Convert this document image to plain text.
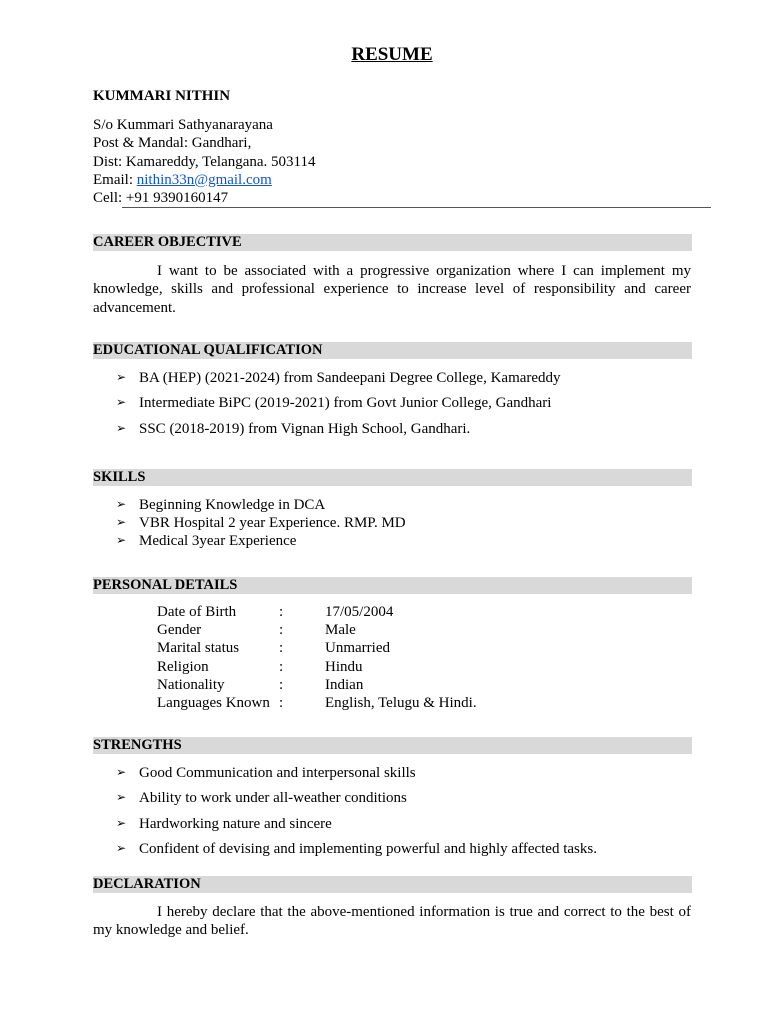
RESUME
KUMMARI NITHIN
S/o Kummari Sathyanarayana
Post & Mandal: Gandhari,
Dist: Kamareddy, Telangana. 503114
Email: nithin33n@gmail.com
Cell: +91 9390160147
CAREER OBJECTIVE
I want to be associated with a progressive organization where I can implement my knowledge, skills and professional experience to increase level of responsibility and career advancement.
EDUCATIONAL QUALIFICATION
➢ BA (HEP) (2021-2024) from Sandeepani Degree College, Kamareddy
➢ Intermediate BiPC (2019-2021) from Govt Junior College, Gandhari
➢ SSC (2018-2019) from Vignan High School, Gandhari.
SKILLS
➢ Beginning Knowledge in DCA
➢ VBR Hospital 2 year Experience. RMP. MD
➢ Medical 3year Experience
PERSONAL DETAILS
Date of Birth	:	17/05/2004
Gender	:	Male
Marital status	:	Unmarried
Religion	:	Hindu
Nationality	:	Indian
Languages Known :	English, Telugu & Hindi.
STRENGTHS
➢ Good Communication and interpersonal skills
➢ Ability to work under all-weather conditions
➢ Hardworking nature and sincere
➢ Confident of devising and implementing powerful and highly affected tasks.
DECLARATION
I hereby declare that the above-mentioned information is true and correct to the best of my knowledge and belief.
